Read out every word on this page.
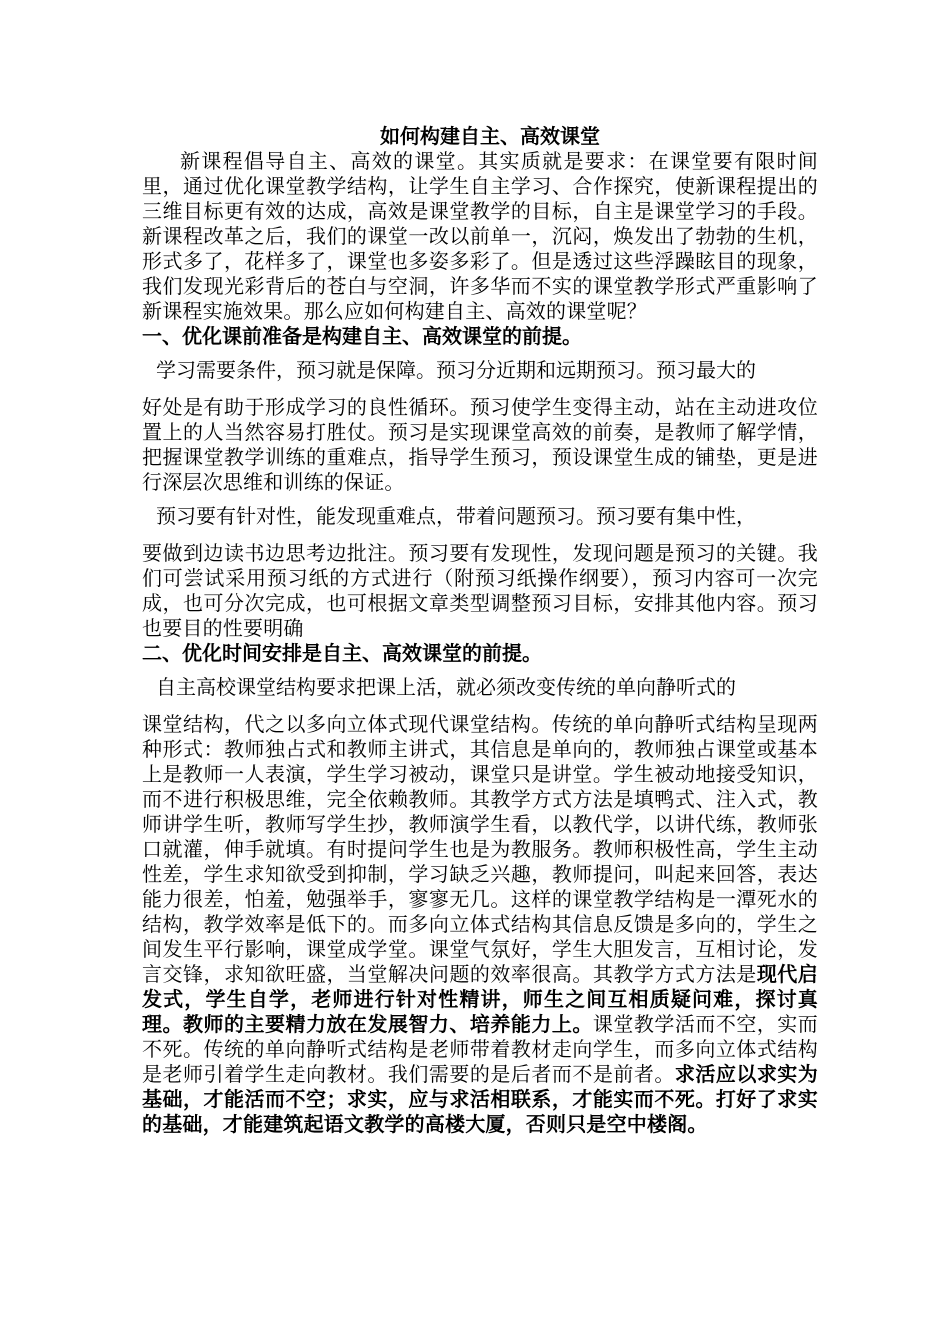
如何构建自主、高效课堂

新课程倡导自主、高效的课堂。其实质就是要求：在课堂要有限时间里，通过优化课堂教学结构，让学生自主学习、合作探究，使新课程提出的三维目标更有效的达成，高效是课堂教学的目标，自主是课堂学习的手段。新课程改革之后，我们的课堂一改以前单一，沉闷，焕发出了勃勃的生机，形式多了，花样多了，课堂也多姿多彩了。但是透过这些浮躁眩目的现象，我们发现光彩背后的苍白与空洞，许多华而不实的课堂教学形式严重影响了新课程实施效果。那么应如何构建自主、高效的课堂呢？

一、优化课前准备是构建自主、高效课堂的前提。

学习需要条件，预习就是保障。预习分近期和远期预习。预习最大的

好处是有助于形成学习的良性循环。预习使学生变得主动，站在主动进攻位置上的人当然容易打胜仗。预习是实现课堂高效的前奏，是教师了解学情，把握课堂教学训练的重难点，指导学生预习，预设课堂生成的铺垫，更是进行深层次思维和训练的保证。

预习要有针对性，能发现重难点，带着问题预习。预习要有集中性，

要做到边读书边思考边批注。预习要有发现性，发现问题是预习的关键。我们可尝试采用预习纸的方式进行（附预习纸操作纲要），预习内容可一次完成，也可分次完成，也可根据文章类型调整预习目标，安排其他内容。预习也要目的性要明确

二、优化时间安排是自主、高效课堂的前提。

自主高校课堂结构要求把课上活，就必须改变传统的单向静听式的

课堂结构，代之以多向立体式现代课堂结构。传统的单向静听式结构呈现两种形式：教师独占式和教师主讲式，其信息是单向的，教师独占课堂或基本上是教师一人表演，学生学习被动，课堂只是讲堂。学生被动地接受知识，而不进行积极思维，完全依赖教师。其教学方式方法是填鸭式、注入式，教师讲学生听，教师写学生抄，教师演学生看，以教代学，以讲代练，教师张口就灌，伸手就填。有时提问学生也是为教服务。教师积极性高，学生主动性差，学生求知欲受到抑制，学习缺乏兴趣，教师提问，叫起来回答，表达能力很差，怕羞，勉强举手，寥寥无几。这样的课堂教学结构是一潭死水的结构，教学效率是低下的。而多向立体式结构其信息反馈是多向的，学生之间发生平行影响，课堂成学堂。课堂气氛好，学生大胆发言，互相讨论，发言交锋，求知欲旺盛，当堂解决问题的效率很高。其教学方式方法是现代启发式，学生自学，老师进行针对性精讲，师生之间互相质疑问难，探讨真理。教师的主要精力放在发展智力、培养能力上。课堂教学活而不空，实而不死。传统的单向静听式结构是老师带着教材走向学生，而多向立体式结构是老师引着学生走向教材。我们需要的是后者而不是前者。求活应以求实为基础，才能活而不空；求实，应与求活相联系，才能实而不死。打好了求实的基础，才能建筑起语文教学的高楼大厦，否则只是空中楼阁。
